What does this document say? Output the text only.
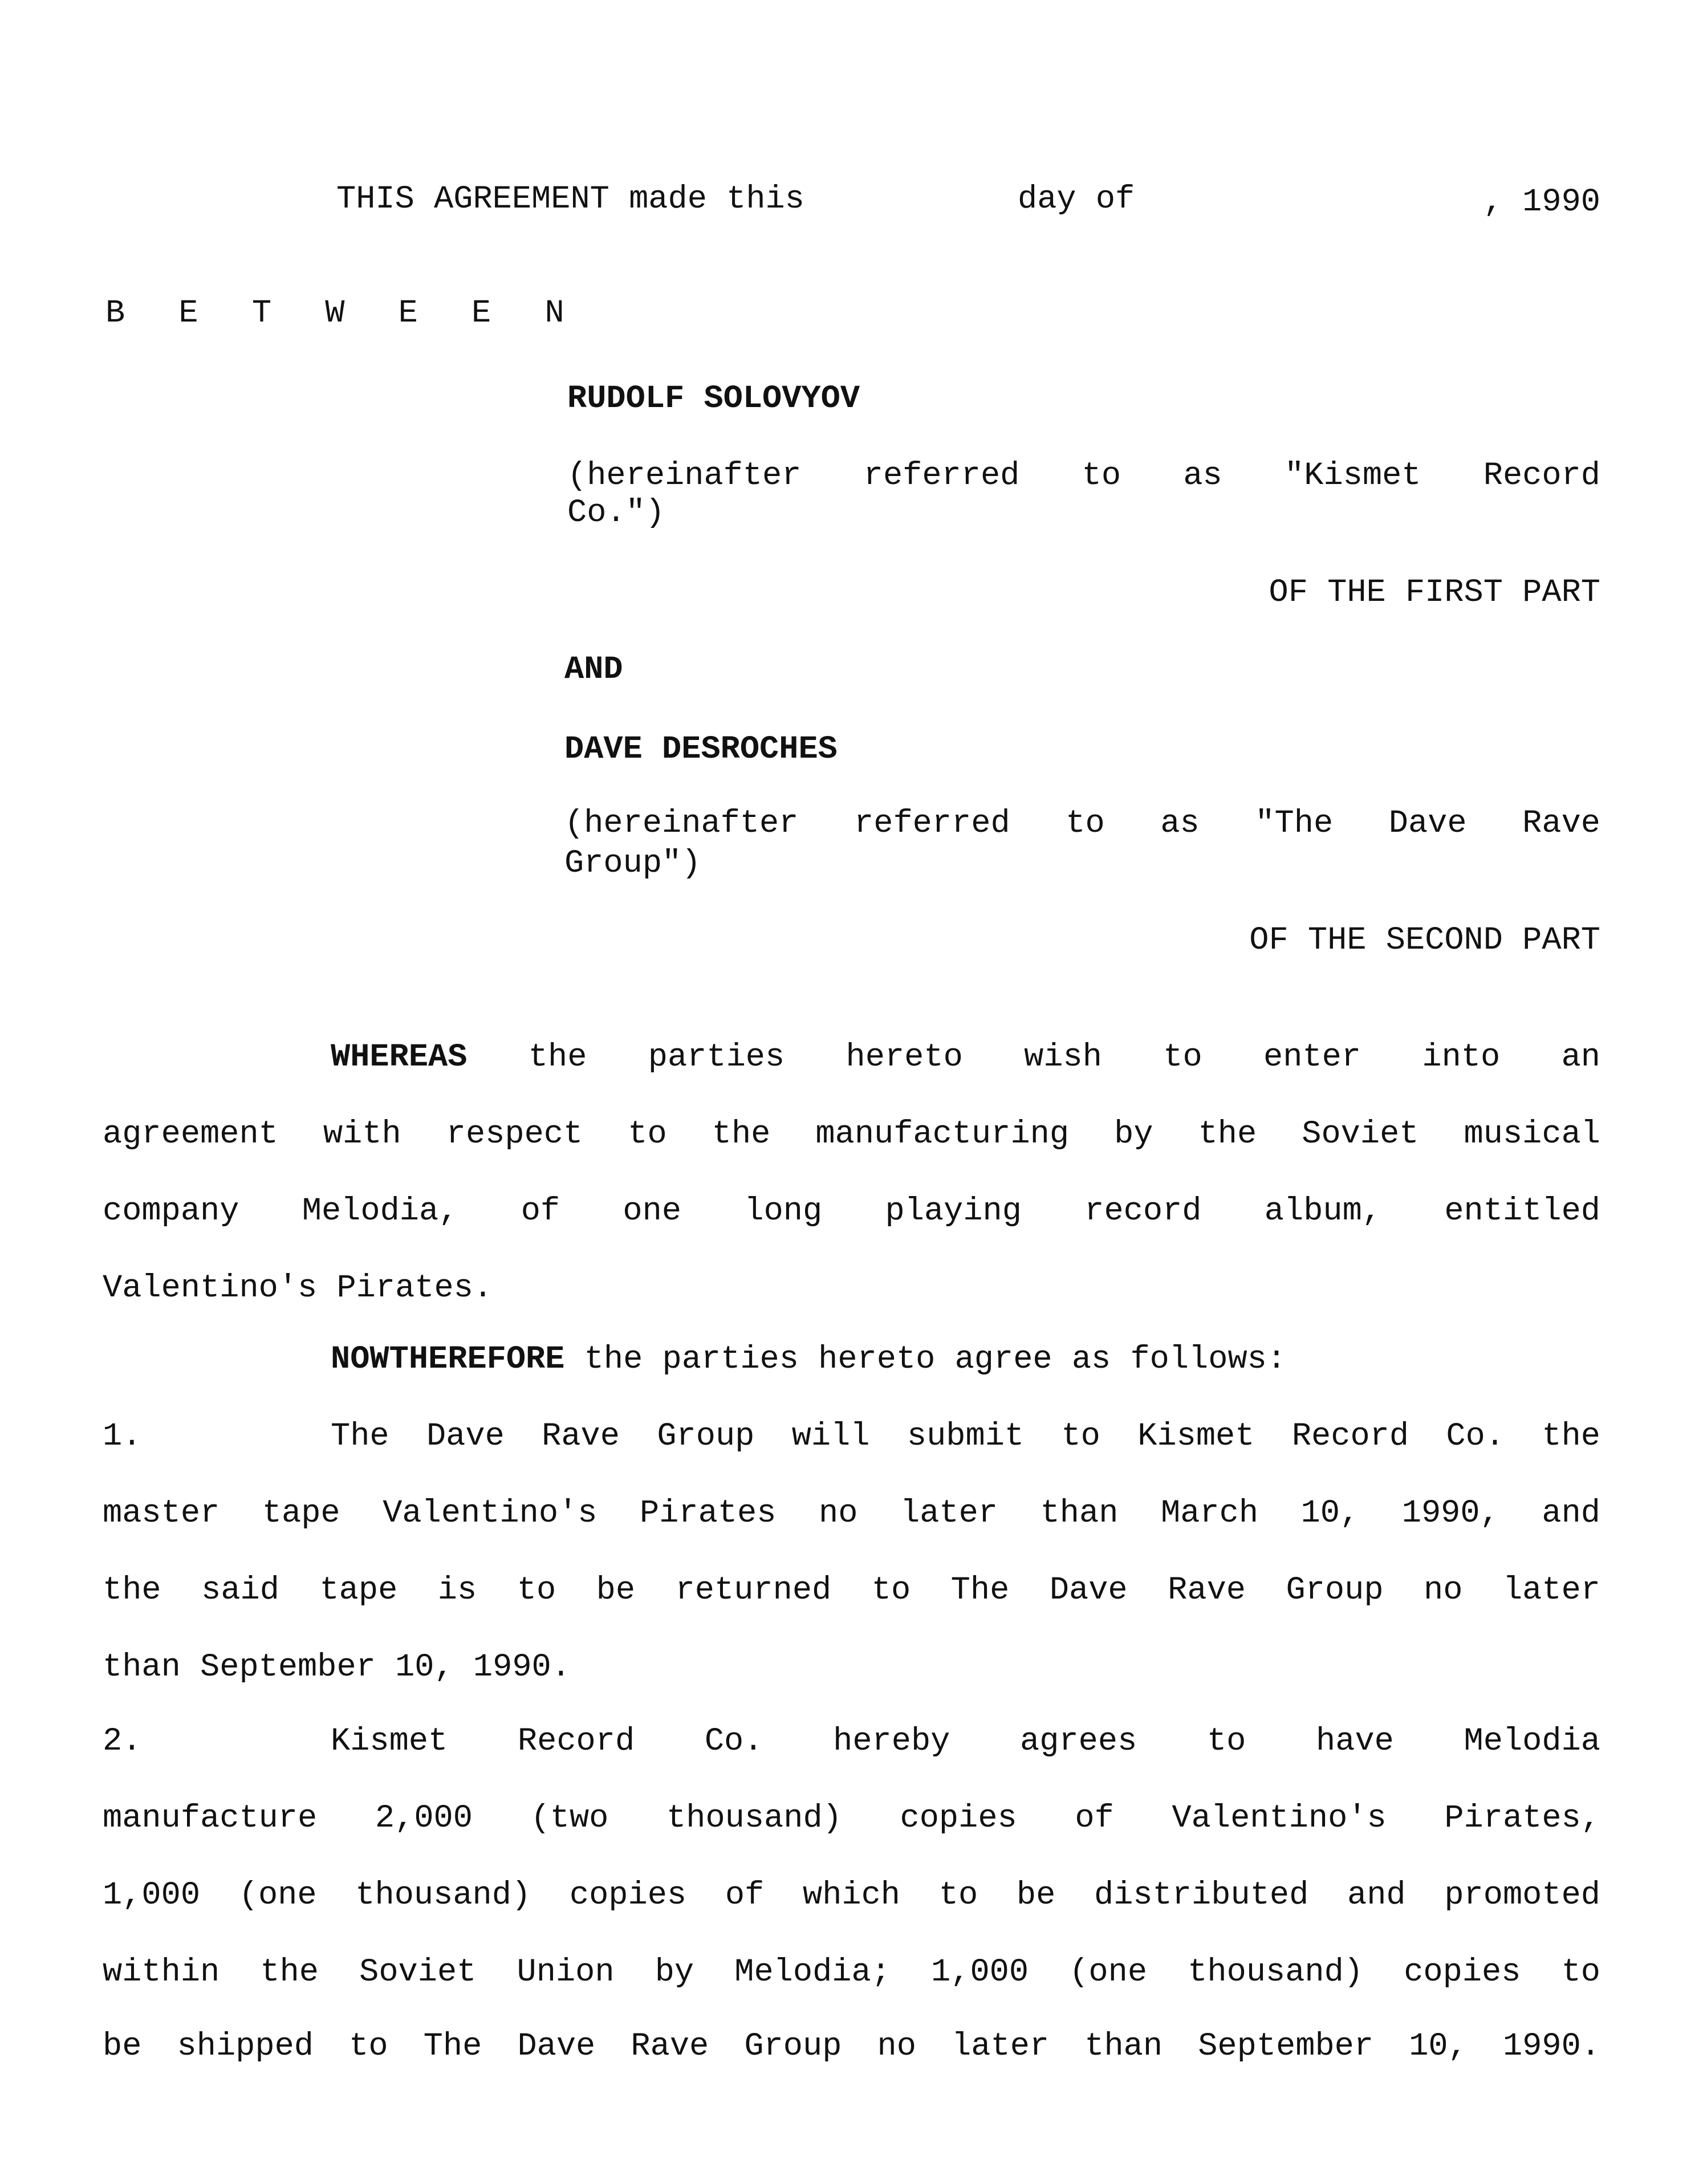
THIS AGREEMENT made this	day of	, 1990

B E T W E E N

RUDOLF SOLOVYOV

(hereinafter referred to as "Kismet Record

Co.")

OF THE FIRST PART

AND

DAVE DESROCHES

(hereinafter referred to as "The Dave Rave

Group")

OF THE SECOND PART

WHEREAS the parties hereto wish to enter into an

agreement with respect to the manufacturing by the Soviet musical

company Melodia, of one long playing record album, entitled

Valentino's Pirates.

NOWTHEREFORE the parties hereto agree as follows:

1.	The Dave Rave Group will submit to Kismet Record Co. the

master tape Valentino's Pirates no later than March 10, 1990, and

the said tape is to be returned to The Dave Rave Group no later

than September 10, 1990.

2.	Kismet Record Co. hereby agrees to have Melodia

manufacture 2,000 (two thousand) copies of Valentino's Pirates,

1,000 (one thousand) copies of which to be distributed and promoted

within the Soviet Union by Melodia; 1,000 (one thousand) copies to

be shipped to The Dave Rave Group no later than September 10, 1990.
